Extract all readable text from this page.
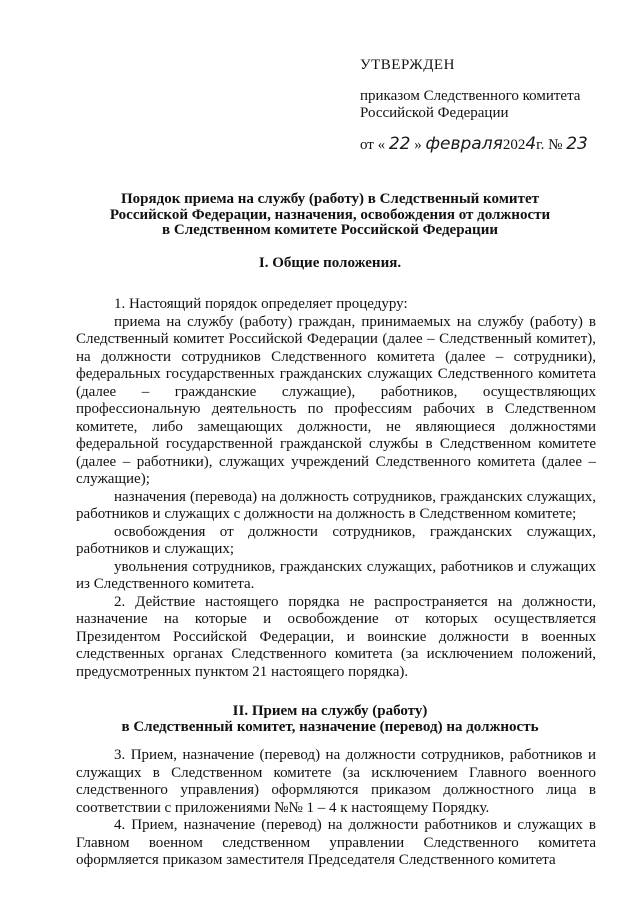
УТВЕРЖДЕН

приказом Следственного комитета

Российской Федерации

от « 22 » февраля2024г. № 23

Порядок приема на службу (работу) в Следственный комитет

Российской Федерации, назначения, освобождения от должности

в Следственном комитете Российской Федерации

I. Общие положения.

1. Настоящий порядок определяет процедуру:

приема на службу (работу) граждан, принимаемых на службу (работу) в Следственный комитет Российской Федерации (далее – Следственный комитет), на должности сотрудников Следственного комитета (далее – сотрудники), федеральных государственных гражданских служащих Следственного комитета (далее – гражданские служащие), работников, осуществляющих профессиональную деятельность по профессиям рабочих в Следственном комитете, либо замещающих должности, не являющиеся должностями федеральной государственной гражданской службы в Следственном комитете (далее – работники), служащих учреждений Следственного комитета (далее – служащие);

назначения (перевода) на должность сотрудников, гражданских служащих, работников и служащих с должности на должность в Следственном комитете;

освобождения от должности сотрудников, гражданских служащих, работников и служащих;

увольнения сотрудников, гражданских служащих, работников и служащих из Следственного комитета.

2. Действие настоящего порядка не распространяется на должности, назначение на которые и освобождение от которых осуществляется Президентом Российской Федерации, и воинские должности в военных следственных органах Следственного комитета (за исключением положений, предусмотренных пунктом 21 настоящего порядка).

II. Прием на службу (работу)

в Следственный комитет, назначение (перевод) на должность

3. Прием, назначение (перевод) на должности сотрудников, работников и служащих в Следственном комитете (за исключением Главного военного следственного управления) оформляются приказом должностного лица в соответствии с приложениями №№ 1 – 4 к настоящему Порядку.

4. Прием, назначение (перевод) на должности работников и служащих в Главном военном следственном управлении Следственного комитета оформляется приказом заместителя Председателя Следственного комитета
